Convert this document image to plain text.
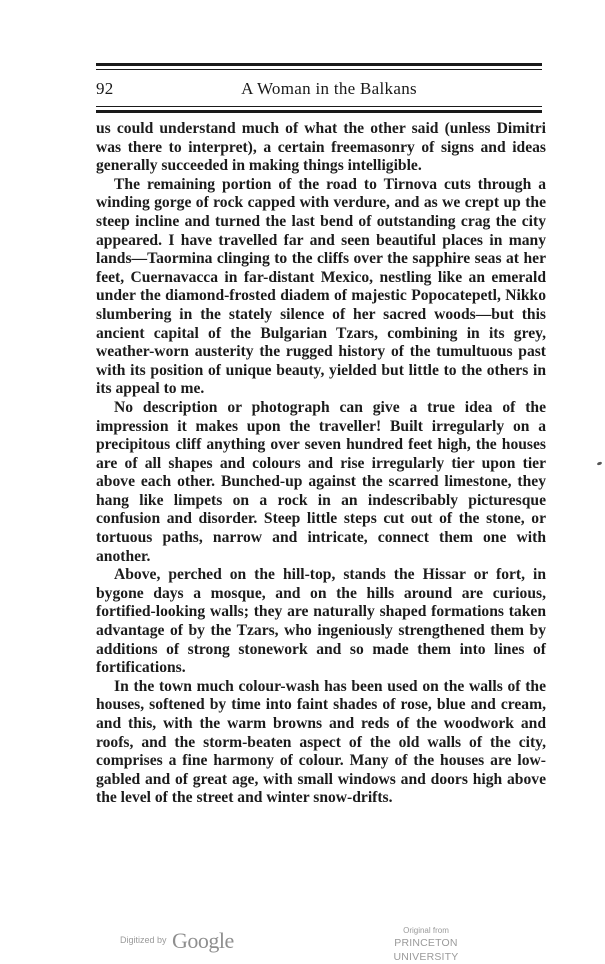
92	A Woman in the Balkans

us could understand much of what the other said (unless Dimitri was there to interpret), a certain freemasonry of signs and ideas generally succeeded in making things intelligible.

The remaining portion of the road to Tirnova cuts through a winding gorge of rock capped with verdure, and as we crept up the steep incline and turned the last bend of outstanding crag the city appeared. I have travelled far and seen beautiful places in many lands—Taormina clinging to the cliffs over the sapphire seas at her feet, Cuernavacca in far-distant Mexico, nestling like an emerald under the diamond-frosted diadem of majestic Popocatepetl, Nikko slumbering in the stately silence of her sacred woods—but this ancient capital of the Bulgarian Tzars, combining in its grey, weather-worn austerity the rugged history of the tumultuous past with its position of unique beauty, yielded but little to the others in its appeal to me.

No description or photograph can give a true idea of the impression it makes upon the traveller! Built irregularly on a precipitous cliff anything over seven hundred feet high, the houses are of all shapes and colours and rise irregularly tier upon tier above each other. Bunched-up against the scarred limestone, they hang like limpets on a rock in an indescribably picturesque confusion and disorder. Steep little steps cut out of the stone, or tortuous paths, narrow and intricate, connect them one with another.

Above, perched on the hill-top, stands the Hissar or fort, in bygone days a mosque, and on the hills around are curious, fortified-looking walls; they are naturally shaped formations taken advantage of by the Tzars, who ingeniously strengthened them by additions of strong stonework and so made them into lines of fortifications.

In the town much colour-wash has been used on the walls of the houses, softened by time into faint shades of rose, blue and cream, and this, with the warm browns and reds of the woodwork and roofs, and the storm-beaten aspect of the old walls of the city, comprises a fine harmony of colour. Many of the houses are low-gabled and of great age, with small windows and doors high above the level of the street and winter snow-drifts.

Digitized by Google	Original from
PRINCETON UNIVERSITY
